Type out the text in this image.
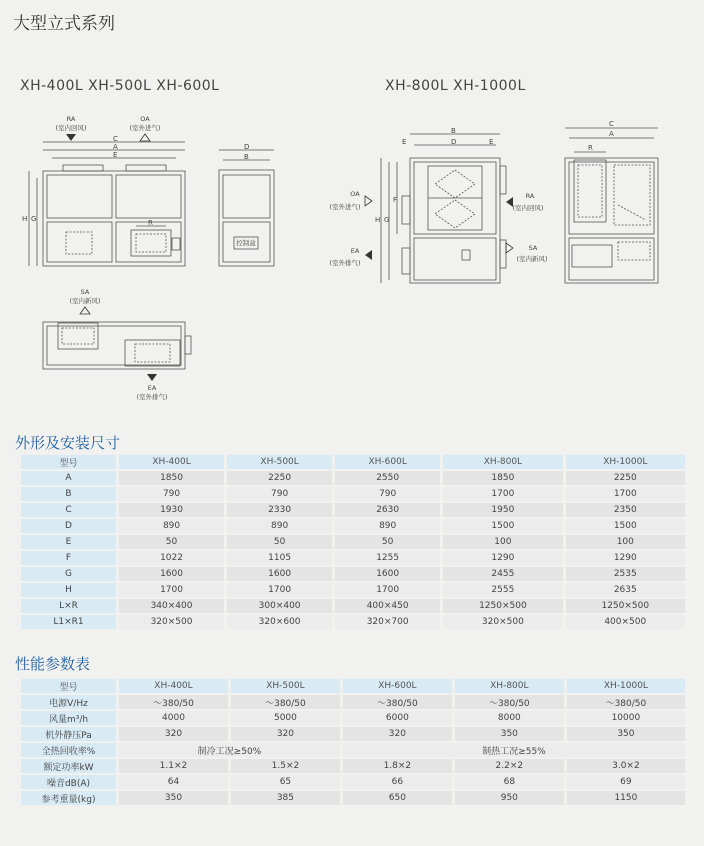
大型立式系列
XH-400L XH-500L XH-600L	XH-800L XH-1000L
RA
(室内回风)
OA
(室外进气)
SA
(室内新风)
EA
(室外排气)
控制盒
OA
(室外进气)
RA
(室内回风)
EA
(室外排气)
SA
(室内新风)
C
A
E
H G	R
D
B
B
D
E	E
H G
F
C
A
R
外形及安装尺寸
型号	XH-400L	XH-500L	XH-600L	XH-800L	XH-1000L
A	1850	2250	2550	1850	2250
B	790	790	790	1700	1700
C	1930	2330	2630	1950	2350
D	890	890	890	1500	1500
E	50	50	50	100	100
F	1022	1105	1255	1290	1290
G	1600	1600	1600	2455	2535
H	1700	1700	1700	2555	2635
L×R	340×400	300×400	400×450	1250×500	1250×500
L1×R1	320×500	320×600	320×700	320×500	400×500
性能参数表
型号	XH-400L	XH-500L	XH-600L	XH-800L	XH-1000L
电源V/Hz	～380/50	～380/50	～380/50	～380/50	～380/50
风量m³/h	4000	5000	6000	8000	10000
机外静压Pa	320	320	320	350	350
全热回收率%	制冷工况≥50%		制热工况≥55%		
额定功率kW	1.1×2	1.5×2	1.8×2	2.2×2	3.0×2
噪音dB(A)	64	65	66	68	69
参考重量(kg)	350	385	650	950	1150
